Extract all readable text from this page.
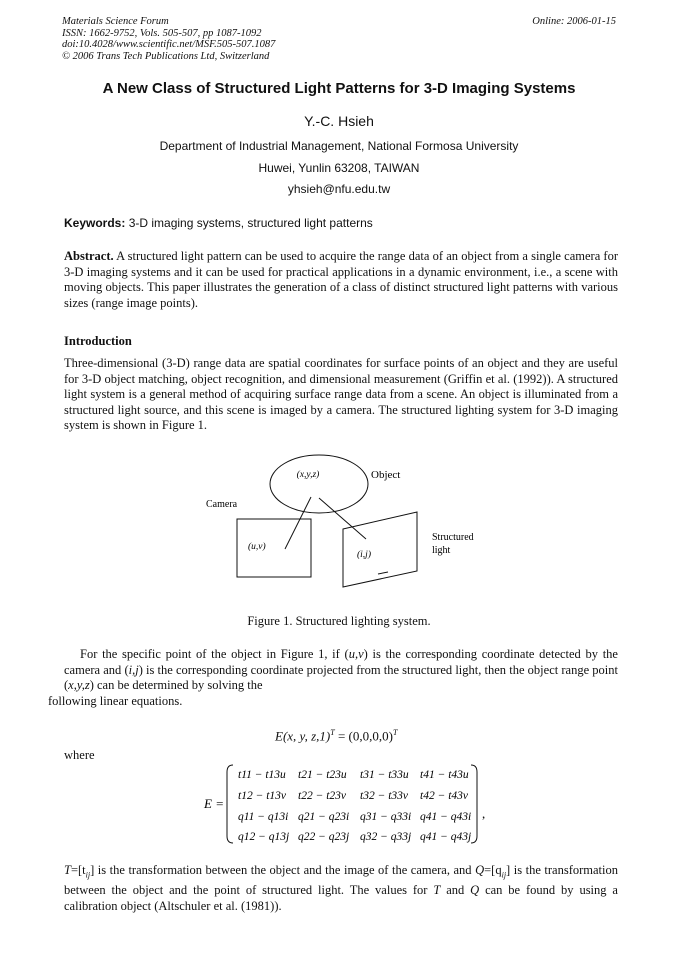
Materials Science Forum
ISSN: 1662-9752, Vols. 505-507, pp 1087-1092
doi:10.4028/www.scientific.net/MSF.505-507.1087
© 2006 Trans Tech Publications Ltd, Switzerland
Online: 2006-01-15
A New Class of Structured Light Patterns for 3-D Imaging Systems
Y.-C. Hsieh
Department of Industrial Management, National Formosa University
Huwei, Yunlin 63208, TAIWAN
yhsieh@nfu.edu.tw
Keywords: 3-D imaging systems, structured light patterns
Abstract. A structured light pattern can be used to acquire the range data of an object from a single camera for 3-D imaging systems and it can be used for practical applications in a dynamic environment, i.e., a scene with moving objects. This paper illustrates the generation of a class of distinct structured light patterns with various sizes (range image points).
Introduction
Three-dimensional (3-D) range data are spatial coordinates for surface points of an object and they are useful for 3-D object matching, object recognition, and dimensional measurement (Griffin et al. (1992)). A structured light system is a general method of acquiring surface range data from a scene. An object is illuminated from a structured light source, and this scene is imaged by a camera. The structured lighting system for 3-D imaging system is shown in Figure 1.
(x,y,z)	Object
Camera
(u,v)
(i,j)
Structured
light
Figure 1. Structured lighting system.
For the specific point of the object in Figure 1, if (u,v) is the corresponding coordinate detected by the camera and (i,j) is the corresponding coordinate projected from the structured light, then the object range point (x,y,z) can be determined by solving the
following linear equations.
E(x, y, $z,1)^T = (0,0,0,0)^T$
where
E =
,
t11 − t13u t21 − t23u t31 − t33u t41 − t43u
t12 − t13v t22 − t23v t32 − t33v t42 − t43v
q11 − q13i q21 − q23i q31 − q33i q41 − q43i
q12 − q13j q22 − q23j q32 − q33j q41 − q43j
$T=[t_{ij}]$ is the transformation between the object and the image of the camera, and $Q=[q_{ij}]$ is the transformation between the object and the point of structured light. The values for T and Q can be found by using a calibration object (Altschuler et al. (1981)).
